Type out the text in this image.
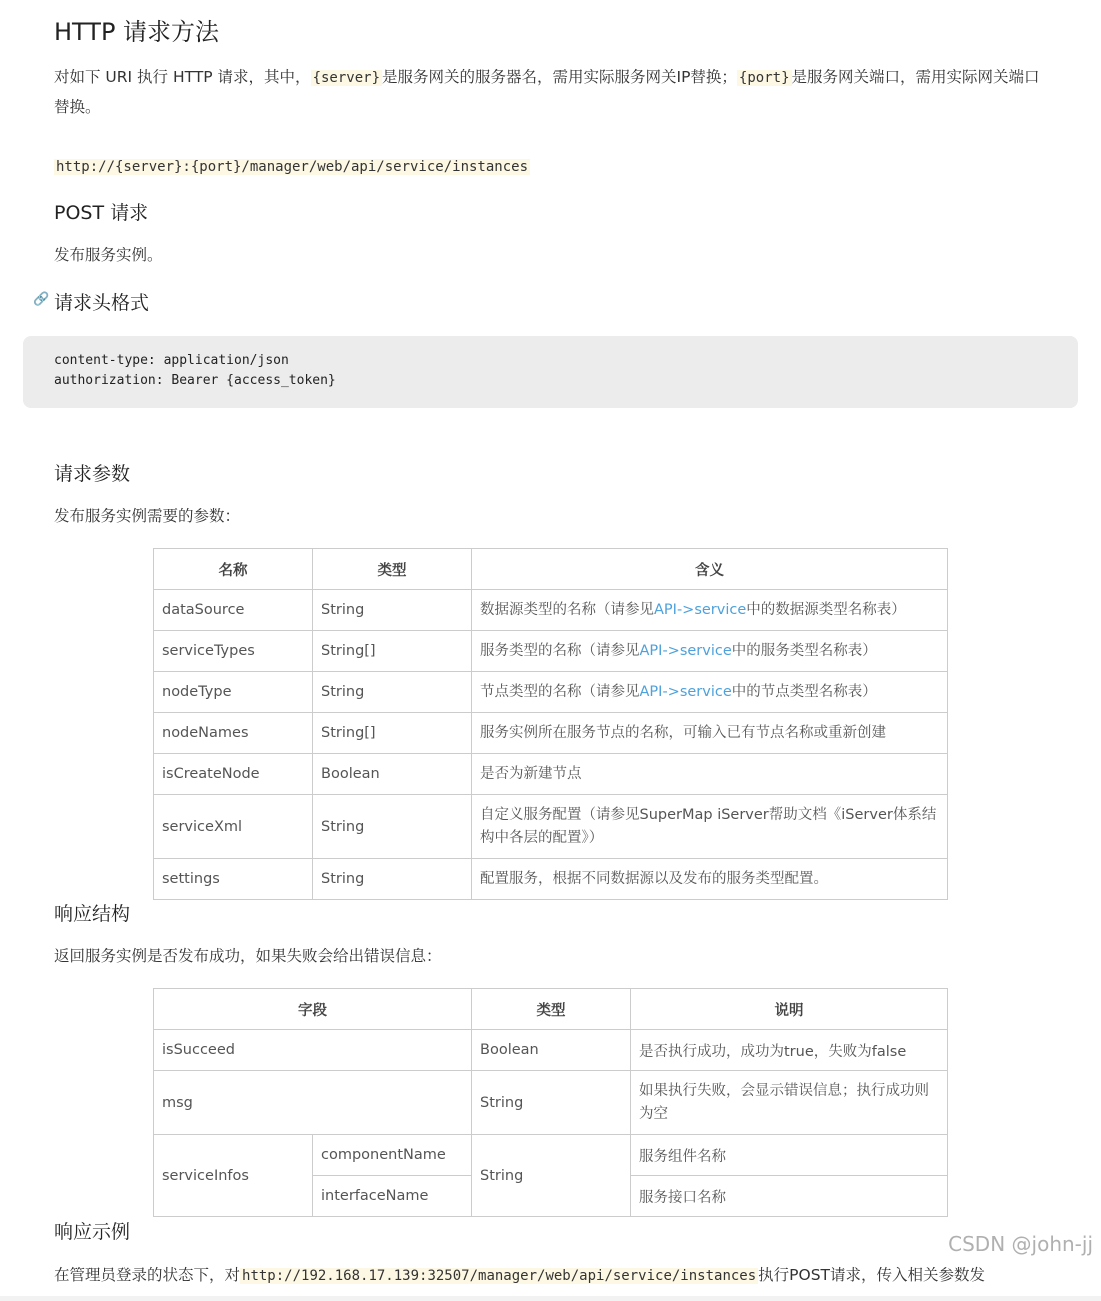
HTTP 请求方法

对如下 URI 执行 HTTP 请求，其中， {server} 是服务网关的服务器名，需用实际服务网关IP替换； {port} 是服务网关端口，需用实际网关端口替换。

http://{server}:{port}/manager/web/api/service/instances

POST 请求

发布服务实例。

🔗 请求头格式
content-type: application/json
authorization: Bearer {access_token}
请求参数

发布服务实例需要的参数：

名称	类型	含义
dataSource	String	数据源类型的名称（请参见API->service中的数据源类型名称表）
serviceTypes	String[]	服务类型的名称（请参见API->service中的服务类型名称表）
nodeType	String	节点类型的名称（请参见API->service中的节点类型名称表）
nodeNames	String[]	服务实例所在服务节点的名称，可输入已有节点名称或重新创建
isCreateNode	Boolean	是否为新建节点
serviceXml	String	自定义服务配置（请参见SuperMap iServer帮助文档《iServer体系结构中各层的配置》）
settings	String	配置服务，根据不同数据源以及发布的服务类型配置。
响应结构

返回服务实例是否发布成功，如果失败会给出错误信息：

字段		类型	说明
isSucceed		Boolean	是否执行成功，成功为true，失败为false
msg		String	如果执行失败，会显示错误信息；执行成功则为空
serviceInfos	componentName	String	服务组件名称
	interfaceName		服务接口名称
响应示例

在管理员登录的状态下，对 http://192.168.17.139:32507/manager/web/api/service/instances 执行POST请求，传入相关参数发

CSDN @john-jj
